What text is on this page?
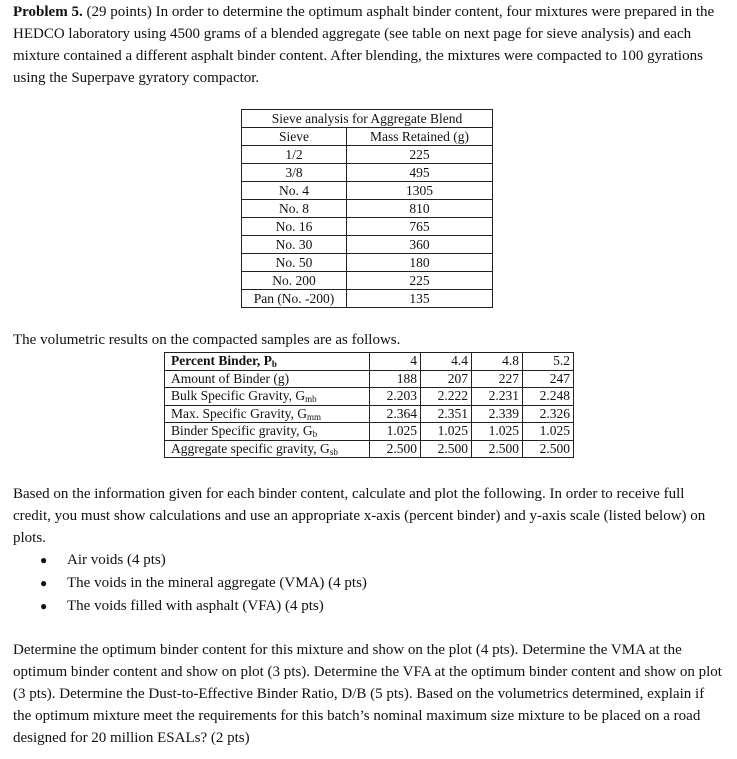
Problem 5. (29 points) In order to determine the optimum asphalt binder content, four mixtures were prepared in the HEDCO laboratory using 4500 grams of a blended aggregate (see table on next page for sieve analysis) and each mixture contained a different asphalt binder content. After blending, the mixtures were compacted to 100 gyrations using the Superpave gyratory compactor.

Sieve analysis for Aggregate Blend	
Sieve	Mass Retained (g)
1/2	225
3/8	495
No. 4	1305
No. 8	810
No. 16	765
No. 30	360
No. 50	180
No. 200	225
Pan (No. -200)	135

The volumetric results on the compacted samples are as follows.

Percent Binder, $P_b$	4	4.4	4.8	5.2
Amount of Binder (g)	188	207	227	247
Bulk Specific Gravity, $G_{mb}$	2.203	2.222	2.231	2.248
Max. Specific Gravity, $G_{mm}$	2.364	2.351	2.339	2.326
Binder Specific gravity, $G_b$	1.025	1.025	1.025	1.025
Aggregate specific gravity, $G_{sb}$	2.500	2.500	2.500	2.500

Based on the information given for each binder content, calculate and plot the following. In order to receive full credit, you must show calculations and use an appropriate x-axis (percent binder) and y-axis scale (listed below) on plots.

● Air voids (4 pts)
● The voids in the mineral aggregate (VMA) (4 pts)
● The voids filled with asphalt (VFA) (4 pts)

Determine the optimum binder content for this mixture and show on the plot (4 pts). Determine the VMA at the optimum binder content and show on plot (3 pts). Determine the VFA at the optimum binder content and show on plot (3 pts). Determine the Dust-to-Effective Binder Ratio, D/B (5 pts). Based on the volumetrics determined, explain if the optimum mixture meet the requirements for this batch’s nominal maximum size mixture to be placed on a road designed for 20 million ESALs? (2 pts)
